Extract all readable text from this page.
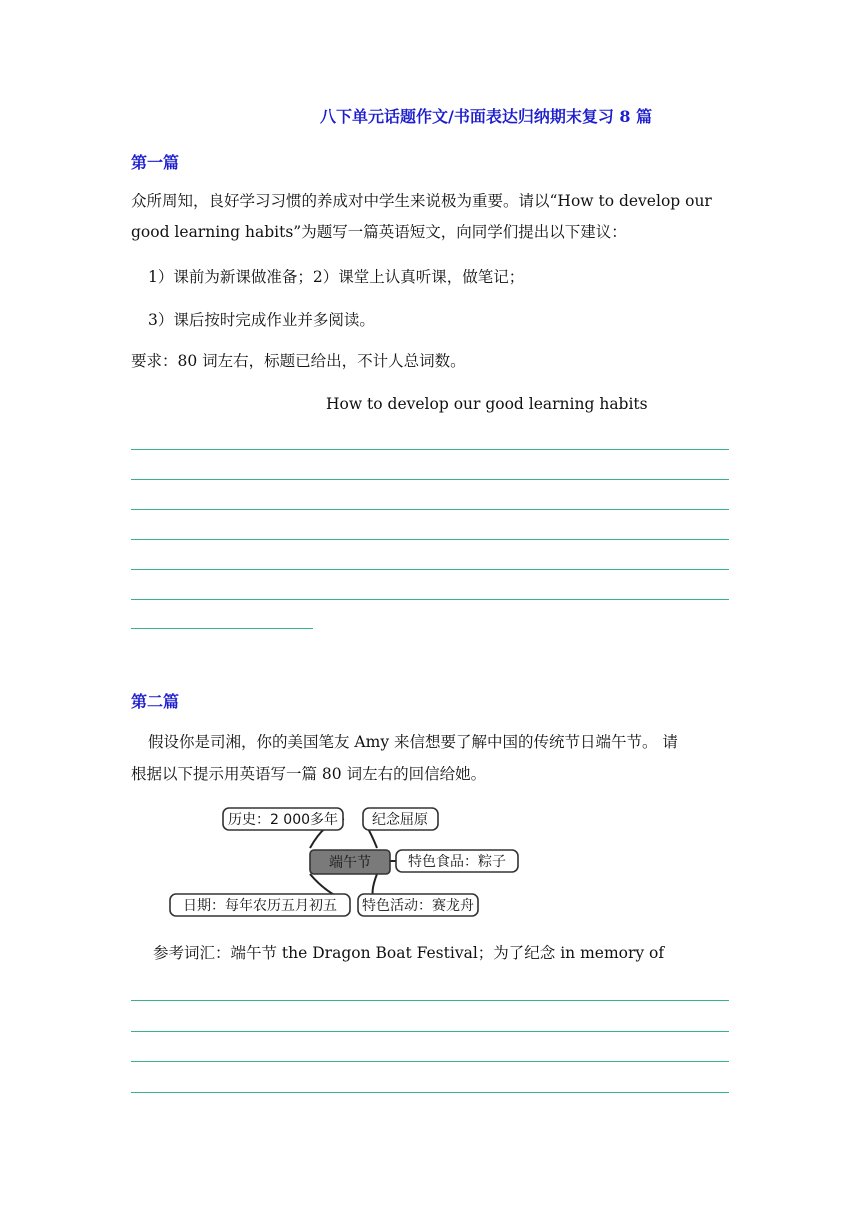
八下单元话题作文/书面表达归纳期末复习 8 篇
第一篇
众所周知，良好学习习惯的养成对中学生来说极为重要。请以“How to develop our
good learning habits”为题写一篇英语短文，向同学们提出以下建议：
1）课前为新课做准备；2）课堂上认真听课，做笔记；
3）课后按时完成作业并多阅读。
要求：80 词左右，标题已给出，不计人总词数。
How to develop our good learning habits
第二篇
假设你是司湘，你的美国笔友 Amy 来信想要了解中国的传统节日端午节。 请
根据以下提示用英语写一篇 80 词左右的回信给她。
历史：2 000多年 纪念屈原
端午节	特色食品：粽子
日期：每年农历五月初五 特色活动：赛龙舟
参考词汇：端午节 the Dragon Boat Festival；为了纪念 in memory of
